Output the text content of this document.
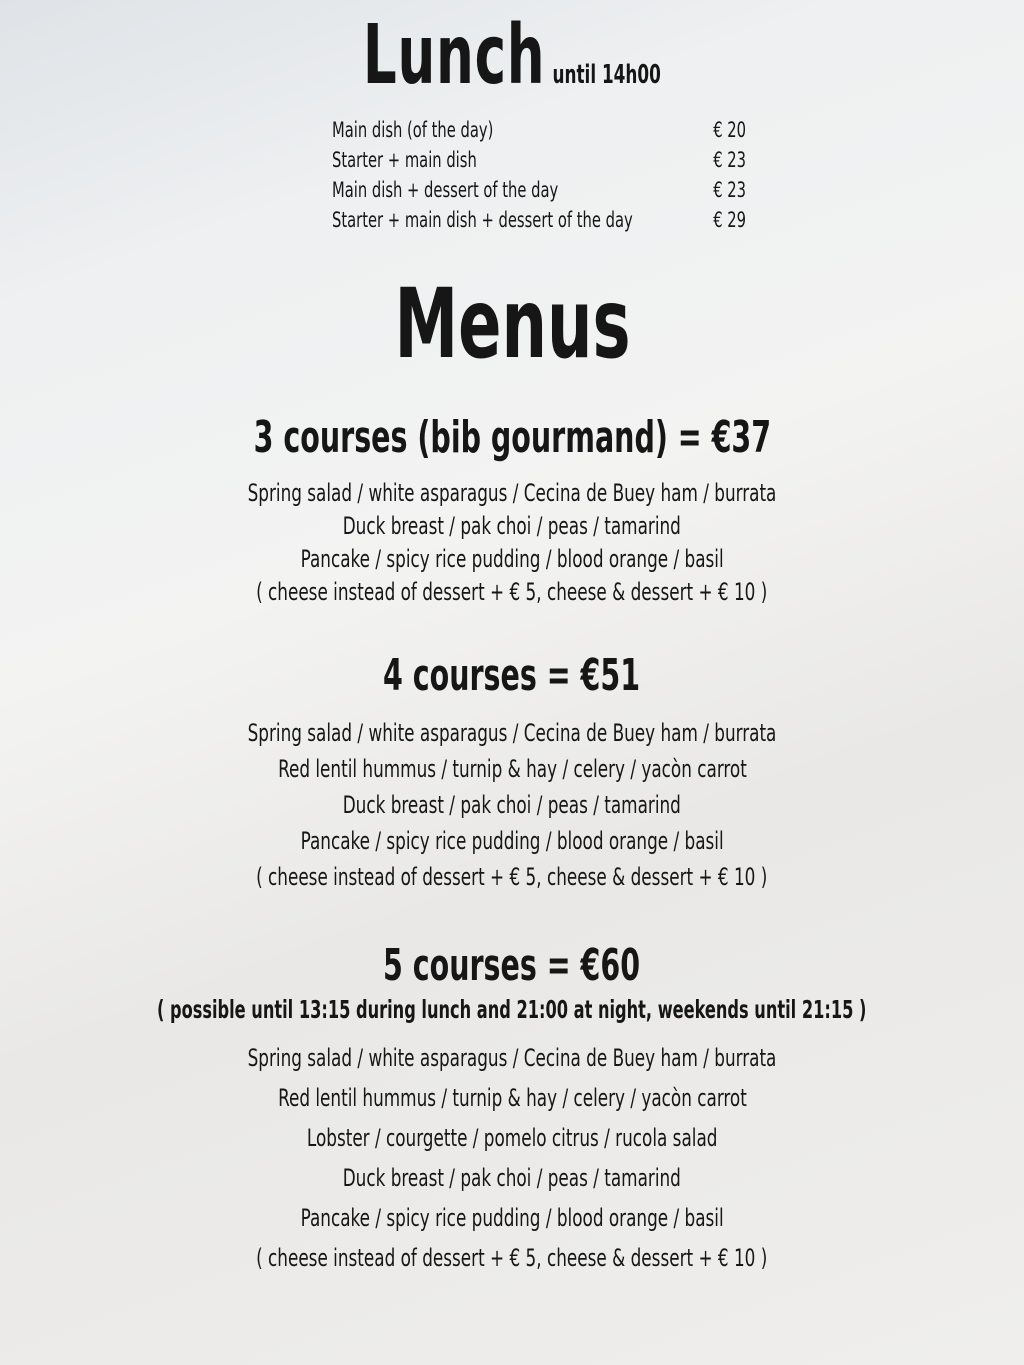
Lunch until 14h00
Main dish (of the day)	€ 20
Starter + main dish	€ 23
Main dish + dessert of the day	€ 23
Starter + main dish + dessert of the day	€ 29
Menus
3 courses (bib gourmand) = €37
Spring salad / white asparagus / Cecina de Buey ham / burrata
Duck breast / pak choi / peas / tamarind
Pancake / spicy rice pudding / blood orange / basil
( cheese instead of dessert + € 5, cheese & dessert + € 10 )
4 courses = €51
Spring salad / white asparagus / Cecina de Buey ham / burrata
Red lentil hummus / turnip & hay / celery / yacòn carrot
Duck breast / pak choi / peas / tamarind
Pancake / spicy rice pudding / blood orange / basil
( cheese instead of dessert + € 5, cheese & dessert + € 10 )
5 courses = €60
( possible until 13:15 during lunch and 21:00 at night, weekends until 21:15 )
Spring salad / white asparagus / Cecina de Buey ham / burrata
Red lentil hummus / turnip & hay / celery / yacòn carrot
Lobster / courgette / pomelo citrus / rucola salad
Duck breast / pak choi / peas / tamarind
Pancake / spicy rice pudding / blood orange / basil
( cheese instead of dessert + € 5, cheese & dessert + € 10 )
